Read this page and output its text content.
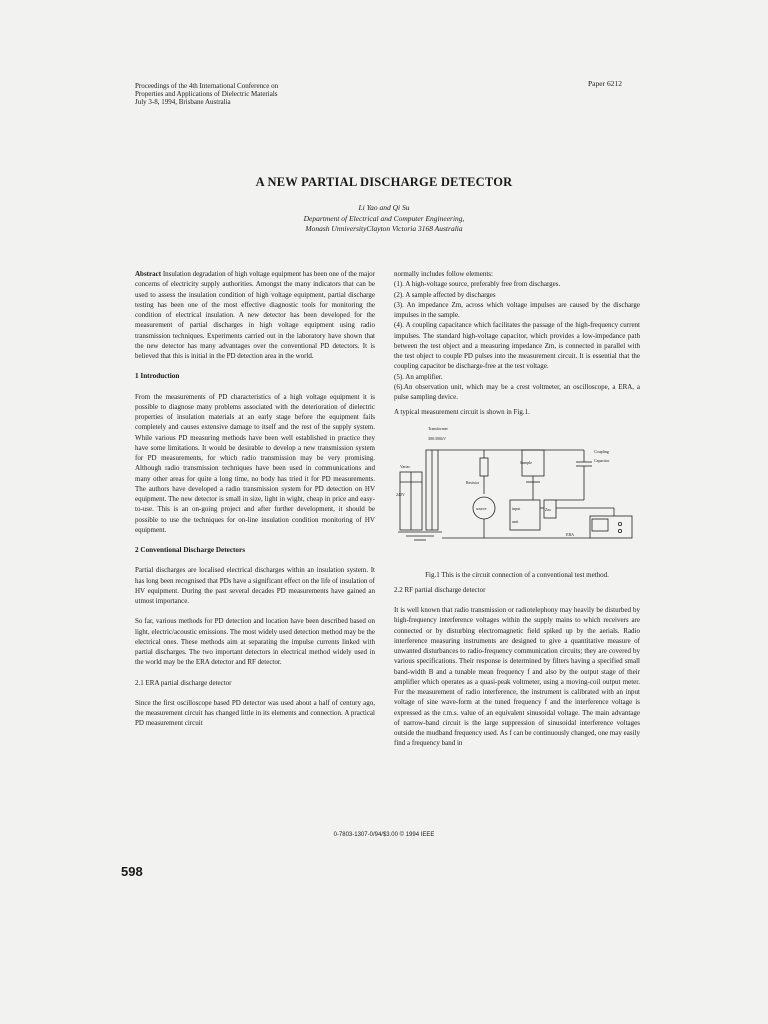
Proceedings of the 4th International Conference on
Properties and Applications of Dielectric Materials
July 3-8, 1994, Brisbane Australia
Paper 6212
A NEW PARTIAL DISCHARGE DETECTOR
Li Yao and Qi Su
Department of Electrical and Computer Engineering,
Monash UnniversityClayton Victoria 3168 Australia

Abstract Insulation degradation of high voltage equipment has been one of the major concerns of electricity supply authorities. Amongst the many indicators that can be used to assess the insulation condition of high voltage equipment, partial discharge testing has been one of the most effective diagnostic tools for monitoring the condition of electrical insulation. A new detector has been developed for the measurement of partial discharges in high voltage equipment using radio transmission techniques. Experiments carried out in the laboratory have shown that the new detector has many advantages over the conventional PD detectors. It is believed that this is initial in the PD detection area in the world.

1 Introduction

From the measurements of PD characteristics of a high voltage equipment it is possible to diagnose many problems associated with the deterioration of dielectric properties of insulation materials at an early stage before the equipment fails completely and causes extensive damage to itself and the rest of the supply system. While various PD measuring methods have been well established in practice they have some limitations. It would be desirable to develop a new transmission system for PD measurements, for which radio transmission may be very promising. Although radio transmission techniques have been used in communications and many other areas for quite a long time, no body has tried it for PD measurements. The authors have developed a radio transmission system for PD detection on HV equipment. The new detector is small in size, light in wight, cheap in price and easy-to-use. This is an on-going project and after further development, it should be possible to use the techniques for on-line insulation condition monitoring of HV equipment.

2 Conventional Discharge Detectors

Partial discharges are localised electrical discharges within an insulation system. It has long been recognised that PDs have a significant effect on the life of insulation of HV equipment. During the past several decades PD measurements have gained an utmost importance.

So far, various methods for PD detection and location have been described based on light, electric/acoustic emissions. The most widely used detection method may be the electrical ones. These methods aim at separating the impulse currents linked with partial discharges. The two important detectors in electrical method widely used in the world may be the ERA detector and RF detector.

2.1 ERA partial discharge detector

Since the first oscilloscope based PD detector was used about a half of century ago, the measurement circuit has changed little in its elements and connection. A practical PD measurement circuit

normally includes follow elements:

(1). A high-voltage source, preferably free from discharges.

(2). A sample affected by discharges

(3). An impedance Zm, across which voltage impulses are caused by the discharge impulses in the sample.

(4). A coupling capacitance which facilitates the passage of the high-frequency current impulses. The standard high-voltage capacitor, which provides a low-impedance path between the test object and a measuring impedance Zm, is connected in parallel with the test object to couple PD pulses into the measurement circuit. It is essential that the coupling capacitor be discharge-free at the test voltage.

(5). An amplifier.

(6).An observation unit, which may be a crest voltmeter, an oscilloscope, a ERA, a pulse sampling device.

A typical measurement circuit is shown in Fig.1.

Transformer
300:500kV
Variac
240V
Resistor
Sample
Coupling
Capacitor
input
unit
Zm
ERA
source

Fig.1 This is the circuit connection of a conventional test method.

2.2 RF partial discharge detector

It is well known that radio transmission or radiotelephony may heavily be disturbed by high-frequency interference voltages within the supply mains to which receivers are connected or by disturbing electromagnetic field spiked up by the aerials. Radio interference measuring instruments are designed to give a quantitative measure of unwanted disturbances to radio-frequency communication circuits; they are covered by various specifications. Their response is determined by filters having a specified small band-width B and a tunable mean frequency f and also by the output stage of their amplifier which operates as a quasi-peak voltmeter, using a moving-coil output meter. For the measurement of radio interference, the instrument is calibrated with an input voltage of sine wave-form at the tuned frequency f and the interference voltage is expressed as the r.m.s. value of an equivalent sinusoidal voltage. The main advantage of narrow-band circuit is the large suppression of sinusoidal interference voltages outside the mudband frequency used. As f can be continuously changed, one may easily find a frequency band in

0-7803-1307-0/94/$3.00 © 1994 IEEE
598
